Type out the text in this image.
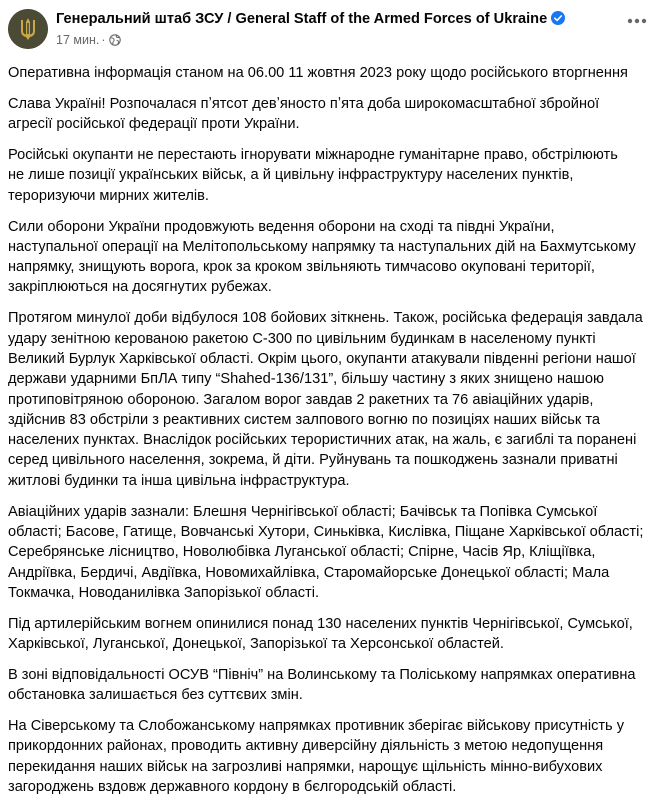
Генеральний штаб ЗСУ / General Staff of the Armed Forces of Ukraine
17 мин. ·

Оперативна інформація станом на 06.00 11 жовтня 2023 року щодо російського вторгнення

Слава Україні! Розпочалася пʼятсот девʼяносто пʼята доба широкомасштабної збройної
агресії російської федерації проти України.

Російські окупанти не перестають ігнорувати міжнародне гуманітарне право, обстрілюють
не лише позиції українських військ, а й цивільну інфраструктуру населених пунктів,
тероризуючи мирних жителів.

Сили оборони України продовжують ведення оборони на сході та півдні України,
наступальної операції на Мелітопольському напрямку та наступальних дій на Бахмутському
напрямку, знищують ворога, крок за кроком звільняють тимчасово окуповані території,
закріплюються на досягнутих рубежах.

Протягом минулої доби відбулося 108 бойових зіткнень. Також, російська федерація завдала
удару зенітною керованою ракетою С-300 по цивільним будинкам в населеному пункті
Великий Бурлук Харківської області. Окрім цього, окупанти атакували південні регіони нашої
держави ударними БпЛА типу “Shahed-136/131”, більшу частину з яких знищено нашою
протиповітряною обороною. Загалом ворог завдав 2 ракетних та 76 авіаційних ударів,
здійснив 83 обстріли з реактивних систем залпового вогню по позиціях наших військ та
населених пунктах. Внаслідок російських терористичних атак, на жаль, є загиблі та поранені
серед цивільного населення, зокрема, й діти. Руйнувань та пошкоджень зазнали приватні
житлові будинки та інша цивільна інфраструктура.

Авіаційних ударів зазнали: Блешня Чернігівської області; Бачівськ та Попівка Сумської
області; Басове, Гатище, Вовчанські Хутори, Синьківка, Кислівка, Піщане Харківської області;
Серебрянське лісництво, Новолюбівка Луганської області; Спірне, Часів Яр, Кліщіївка,
Андріївка, Бердичі, Авдіївка, Новомихайлівка, Старомайорське Донецької області; Мала
Токмачка, Новоданилівка Запорізької області.

Під артилерійським вогнем опинилися понад 130 населених пунктів Чернігівської, Сумської,
Харківської, Луганської, Донецької, Запорізької та Херсонської областей.

В зоні відповідальності ОСУВ “Північ” на Волинському та Поліському напрямках оперативна
обстановка залишається без суттєвих змін.

На Сіверському та Слобожанському напрямках противник зберігає військову присутність у
прикордонних районах, проводить активну диверсійну діяльність з метою недопущення
перекидання наших військ на загрозливі напрямки, нарощує щільність мінно-вибухових
загороджень вздовж державного кордону в бєлгородській області.
